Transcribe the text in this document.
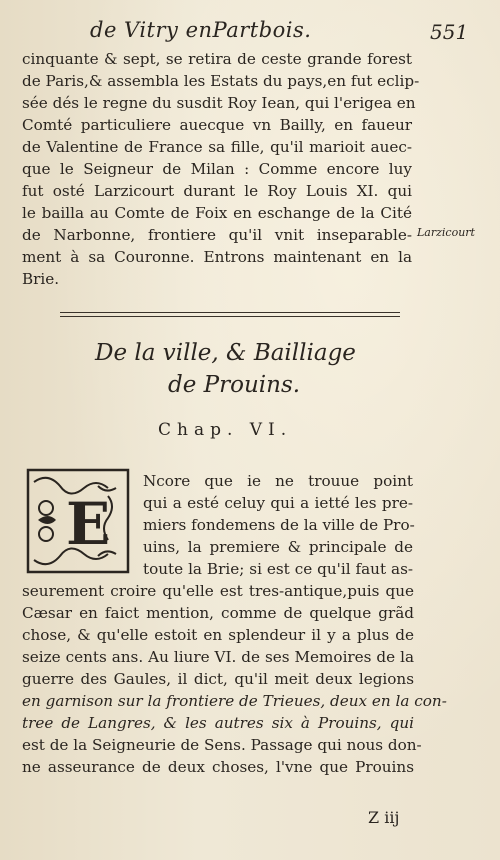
de Vitry enPartbois.	551
cinquante & sept, se retira de ceste grande forest
de Paris,& assembla les Estats du pays,en fut eclip-
sée dés le regne du susdit Roy Iean, qui l'erigea en
Comté particuliere auecque vn Bailly, en faueur
de Valentine de France sa fille, qu'il marioit auec-
que le Seigneur de Milan : Comme encore luy
fut osté Larzicourt durant le Roy Louis XI. qui
le bailla au Comte de Foix en eschange de la Cité
de Narbonne, frontiere qu'il vnit inseparable-
ment à sa Couronne. Entrons maintenant en la
Brie.
Larzicourt
De la ville, & Bailliage
de Prouins.
Chap. VI.
E
Ncore que ie ne trouue point
qui a esté celuy qui a ietté les pre-
miers fondemens de la ville de Pro-
uins, la premiere & principale de
toute la Brie; si est ce qu'il faut as-
seurement croire qu'elle est tres-antique,puis que
Cæsar en faict mention, comme de quelque grãd
chose, & qu'elle estoit en splendeur il y a plus de
seize cents ans. Au liure VI. de ses Memoires de la
guerre des Gaules, il dict, qu'il meit deux legions
en garnison sur la frontiere de Trieues, deux en la con-
tree de Langres, & les autres six à Prouins, qui
est de la Seigneurie de Sens. Passage qui nous don-
ne asseurance de deux choses, l'vne que Prouins
Z iij
